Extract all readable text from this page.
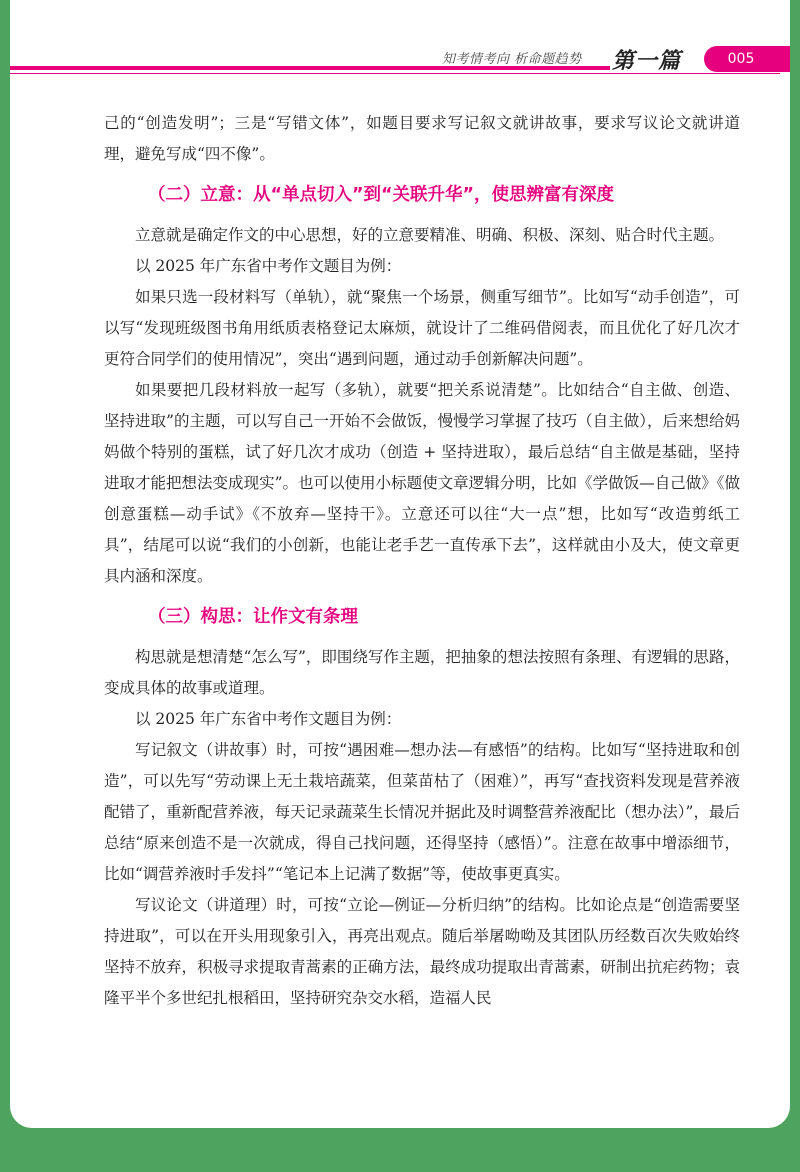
知考情考向 析命题趋势 第一篇	005

己的“创造发明”；三是“写错文体”，如题目要求写记叙文就讲故事，要求写议论文就讲道理，避免写成“四不像”。

（二）立意：从“单点切入”到“关联升华”，使思辨富有深度

立意就是确定作文的中心思想，好的立意要精准、明确、积极、深刻、贴合时代主题。

以 2025 年广东省中考作文题目为例：

如果只选一段材料写（单轨），就“聚焦一个场景，侧重写细节”。比如写“动手创造”，可以写“发现班级图书角用纸质表格登记太麻烦，就设计了二维码借阅表，而且优化了好几次才更符合同学们的使用情况”，突出“遇到问题，通过动手创新解决问题”。

如果要把几段材料放一起写（多轨），就要“把关系说清楚”。比如结合“自主做、创造、坚持进取”的主题，可以写自己一开始不会做饭，慢慢学习掌握了技巧（自主做），后来想给妈妈做个特别的蛋糕，试了好几次才成功（创造 + 坚持进取），最后总结“自主做是基础，坚持进取才能把想法变成现实”。也可以使用小标题使文章逻辑分明，比如《学做饭—自己做》《做创意蛋糕—动手试》《不放弃—坚持干》。立意还可以往“大一点”想，比如写“改造剪纸工具”，结尾可以说“我们的小创新，也能让老手艺一直传承下去”，这样就由小及大，使文章更具内涵和深度。

（三）构思：让作文有条理

构思就是想清楚“怎么写”，即围绕写作主题，把抽象的想法按照有条理、有逻辑的思路，变成具体的故事或道理。

以 2025 年广东省中考作文题目为例：

写记叙文（讲故事）时，可按“遇困难—想办法—有感悟”的结构。比如写“坚持进取和创造”，可以先写“劳动课上无土栽培蔬菜，但菜苗枯了（困难）”，再写“查找资料发现是营养液配错了，重新配营养液，每天记录蔬菜生长情况并据此及时调整营养液配比（想办法）”，最后总结“原来创造不是一次就成，得自己找问题，还得坚持（感悟）”。注意在故事中增添细节，比如“调营养液时手发抖”“笔记本上记满了数据”等，使故事更真实。

写议论文（讲道理）时，可按“立论—例证—分析归纳”的结构。比如论点是“创造需要坚持进取”，可以在开头用现象引入，再亮出观点。随后举屠呦呦及其团队历经数百次失败始终坚持不放弃，积极寻求提取青蒿素的正确方法，最终成功提取出青蒿素，研制出抗疟药物；袁隆平半个多世纪扎根稻田，坚持研究杂交水稻，造福人民
